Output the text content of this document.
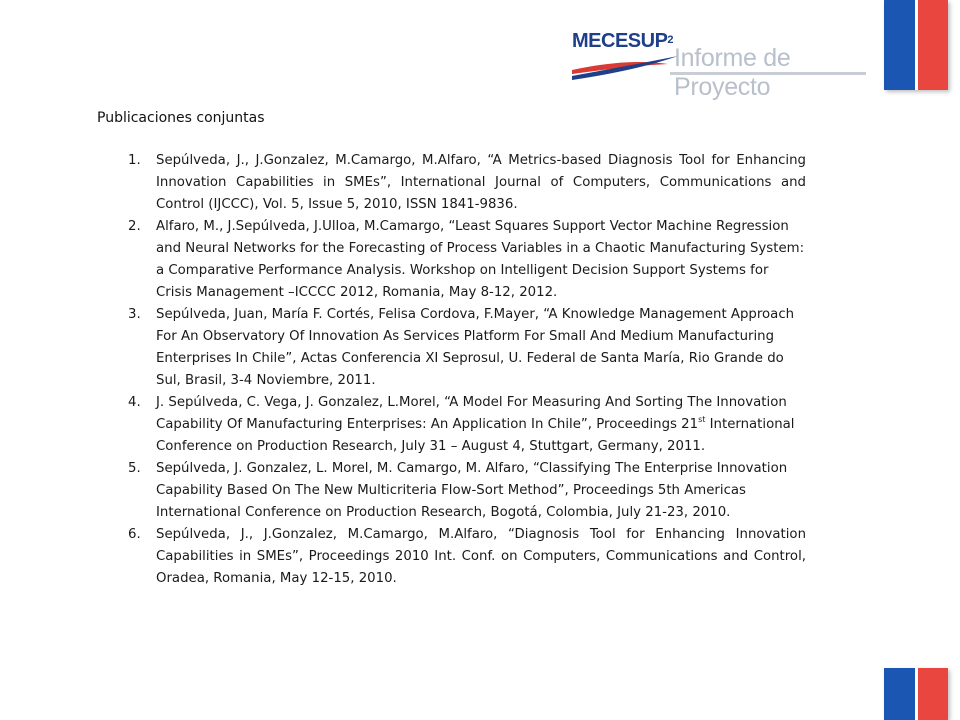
MECESUP$^2$
Informe de Proyecto
Publicaciones conjuntas
1. Sepúlveda, J., J.Gonzalez, M.Camargo, M.Alfaro, “A Metrics-based Diagnosis Tool for Enhancing Innovation Capabilities in SMEs”, International Journal of Computers, Communications and Control (IJCCC), Vol. 5, Issue 5, 2010, ISSN 1841-9836.
2. Alfaro, M., J.Sepúlveda, J.Ulloa, M.Camargo, “Least Squares Support Vector Machine Regression and Neural Networks for the Forecasting of Process Variables in a Chaotic Manufacturing System: a Comparative Performance Analysis. Workshop on Intelligent Decision Support Systems for Crisis Management –ICCCC 2012, Romania, May 8-12, 2012.
3. Sepúlveda, Juan, María F. Cortés, Felisa Cordova, F.Mayer, “A Knowledge Management Approach For An Observatory Of Innovation As Services Platform For Small And Medium Manufacturing Enterprises In Chile”, Actas Conferencia XI Seprosul, U. Federal de Santa María, Rio Grande do Sul, Brasil, 3-4 Noviembre, 2011.
4. J. Sepúlveda, C. Vega, J. Gonzalez, L.Morel, “A Model For Measuring And Sorting The Innovation Capability Of Manufacturing Enterprises: An Application In Chile”, Proceedings 21st International Conference on Production Research, July 31 – August 4, Stuttgart, Germany, 2011.
5. Sepúlveda, J. Gonzalez, L. Morel, M. Camargo, M. Alfaro, “Classifying The Enterprise Innovation Capability Based On The New Multicriteria Flow-Sort Method”, Proceedings 5th Americas International Conference on Production Research, Bogotá, Colombia, July 21-23, 2010.
6. Sepúlveda, J., J.Gonzalez, M.Camargo, M.Alfaro, “Diagnosis Tool for Enhancing Innovation Capabilities in SMEs”, Proceedings 2010 Int. Conf. on Computers, Communications and Control, Oradea, Romania, May 12-15, 2010.
